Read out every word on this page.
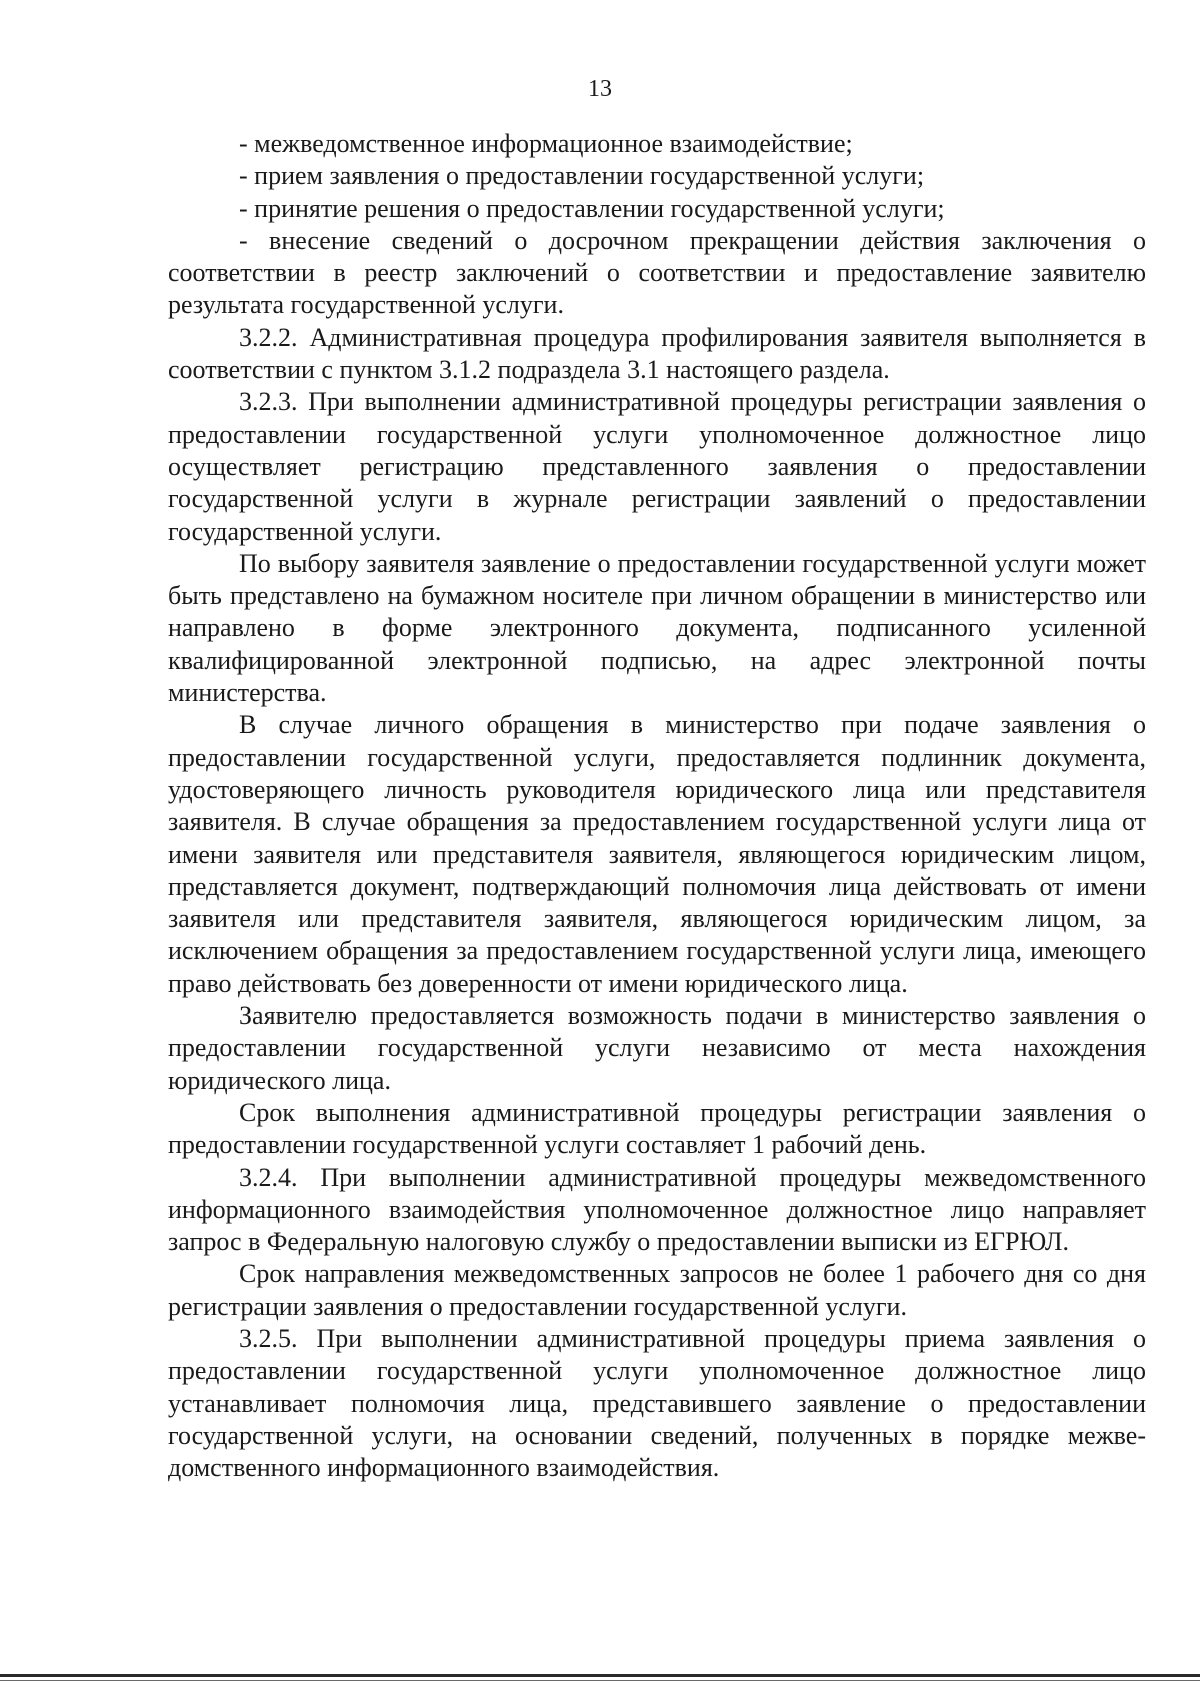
13

- межведомственное информационное взаимодействие;

- прием заявления о предоставлении государственной услуги;

- принятие решения о предоставлении государственной услуги;

- внесение сведений о досрочном прекращении действия заключения о соответствии в реестр заключений о соответствии и предоставление заявителю результата государственной услуги.

3.2.2. Административная процедура профилирования заявителя выполняется в соответствии с пунктом 3.1.2 подраздела 3.1 настоящего раздела.

3.2.3. При выполнении административной процедуры регистрации заявления о предоставлении государственной услуги уполномоченное должностное лицо осуществляет регистрацию представленного заявления о предоставлении государственной услуги в журнале регистрации заявлений о предоставлении государственной услуги.

По выбору заявителя заявление о предоставлении государственной услуги может быть представлено на бумажном носителе при личном обращении в министерство или направлено в форме электронного документа, подписанного усиленной квалифицированной электронной подписью, на адрес электронной почты министерства.

В случае личного обращения в министерство при подаче заявления о предоставлении государственной услуги, предоставляется подлинник документа, удостоверяющего личность руководителя юридического лица или представителя заявителя. В случае обращения за предоставлением государственной услуги лица от имени заявителя или представителя заявителя, являющегося юридическим лицом, представляется документ, подтверждающий полномочия лица действовать от имени заявителя или представителя заявителя, являющегося юридическим лицом, за исключением обращения за предоставлением государственной услуги лица, имеющего право действовать без доверенности от имени юридического лица.

Заявителю предоставляется возможность подачи в министерство заявления о предоставлении государственной услуги независимо от места нахождения юридического лица.

Срок выполнения административной процедуры регистрации заявления о предоставлении государственной услуги составляет 1 рабочий день.

3.2.4. При выполнении административной процедуры межведомственного информационного взаимодействия уполномоченное должностное лицо направляет запрос в Федеральную налоговую службу о предоставлении выписки из ЕГРЮЛ.

Срок направления межведомственных запросов не более 1 рабочего дня со дня регистрации заявления о предоставлении государственной услуги.

3.2.5. При выполнении административной процедуры приема заявления о предоставлении государственной услуги уполномоченное должностное лицо устанавливает полномочия лица, представившего заявление о предоставлении государственной услуги, на основании сведений, полученных в порядке межведомственного информационного взаимодействия.
